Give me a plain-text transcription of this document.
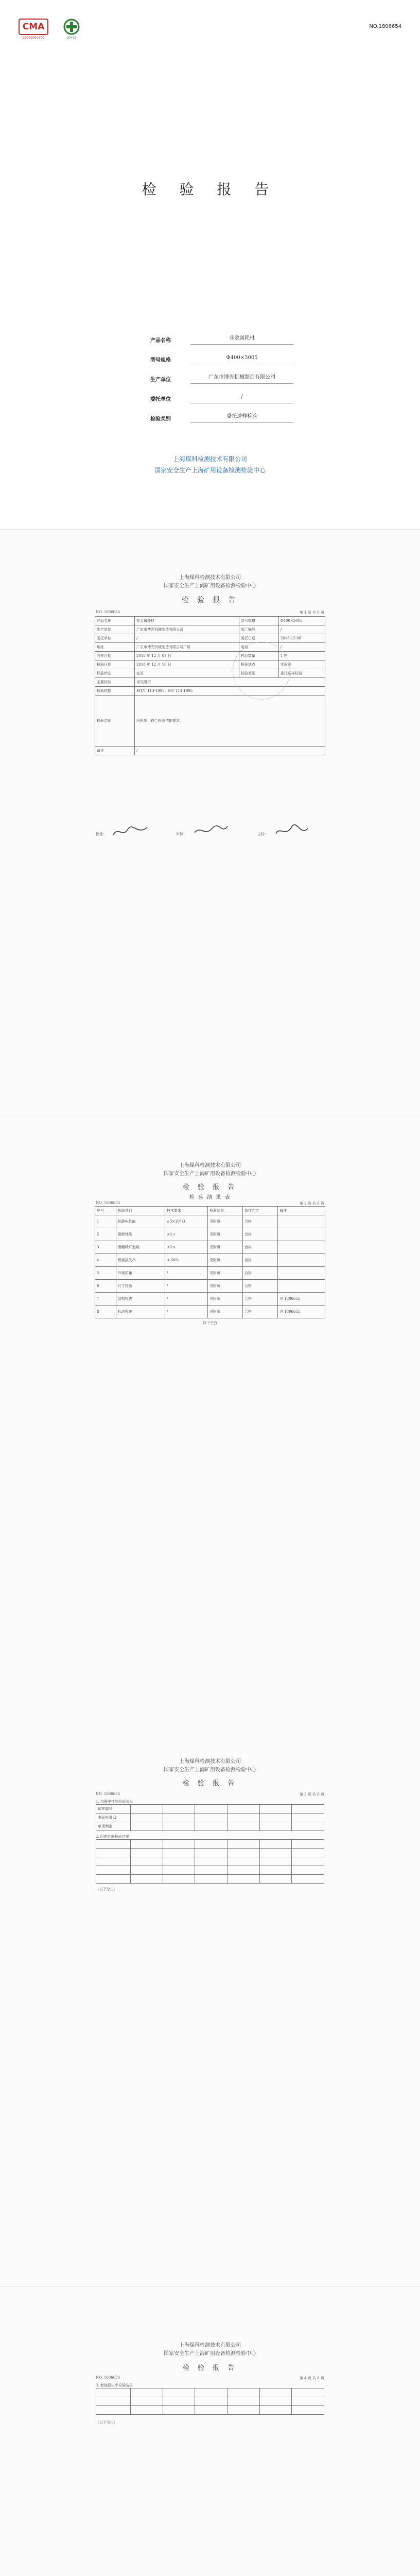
CMA
15000000300	L0406
NO.1806654
检 验 报 告
产品名称	非金属耗材
型号规格	Φ400×3005
生产单位	广东市博光机械制造有限公司
委托单位	/
检验类别	委托送样检验
上海煤科检测技术有限公司
国家安全生产上海矿用设备检测检验中心
上海煤科检测技术有限公司
国家安全生产上海矿用设备检测检验中心
检 验 报 告
NO. 1806654	第 1 页 共 6 页
产品名称	非金属耗材	型号规格	Φ400×3005
生产单位	广东市博光机械制造有限公司	出厂编号	/
委托单位	/	委托日期	2018-12-06
地址	广东市博光机械制造有限公司厂房	电话	/
收样日期	2018 年 12 月 07 日	样品数量	1 件
检验日期	2018 年 12 月 10 日	检验地点	实验室
样品状态	完好	检验类别	委托送样检验
主要检验	详见附页		
检验依据	MT/T 113-1995、MT 113-1995		
检验结论	所检项目符合检验依据要求。		
备注	/		
批准：	审核：	主检：
上海煤科检测技术有限公司
国家安全生产上海矿用设备检测检验中心
检 验 报 告
检 验 结 果 表
NO. 1806654	第 2 页 共 6 页
序号	检验项目	技术要求	检验结果	单项判定	备注
1	抗静电性能	≤3×10⁸ Ω	见附页	合格	
2	阻燃性能	≤3 s	见附页	合格	
3	酒精喷灯燃烧	≤3 s	见附页	合格	
4	燃烧损失率	≤ 50%	见附页	合格	
5	外观质量	/	见附页	合格	
6	尺寸检验	/	见附页	合格	
7	结构检查	/	见附页	合格	见 1806655
8	标志检查	/	见附页	合格	见 1806655
以下空白
上海煤科检测技术有限公司
国家安全生产上海矿用设备检测检验中心
检 验 报 告
NO. 1806654	第 3 页 共 6 页
1. 抗静电性能检验结果
试样编号						
表面电阻 Ω						
单项判定						
2. 阻燃性能检验结果

（以下空白）
上海煤科检测技术有限公司
国家安全生产上海矿用设备检测检验中心
检 验 报 告
NO. 1806654	第 4 页 共 6 页
3. 燃烧损失率检验结果

（以下空白）
